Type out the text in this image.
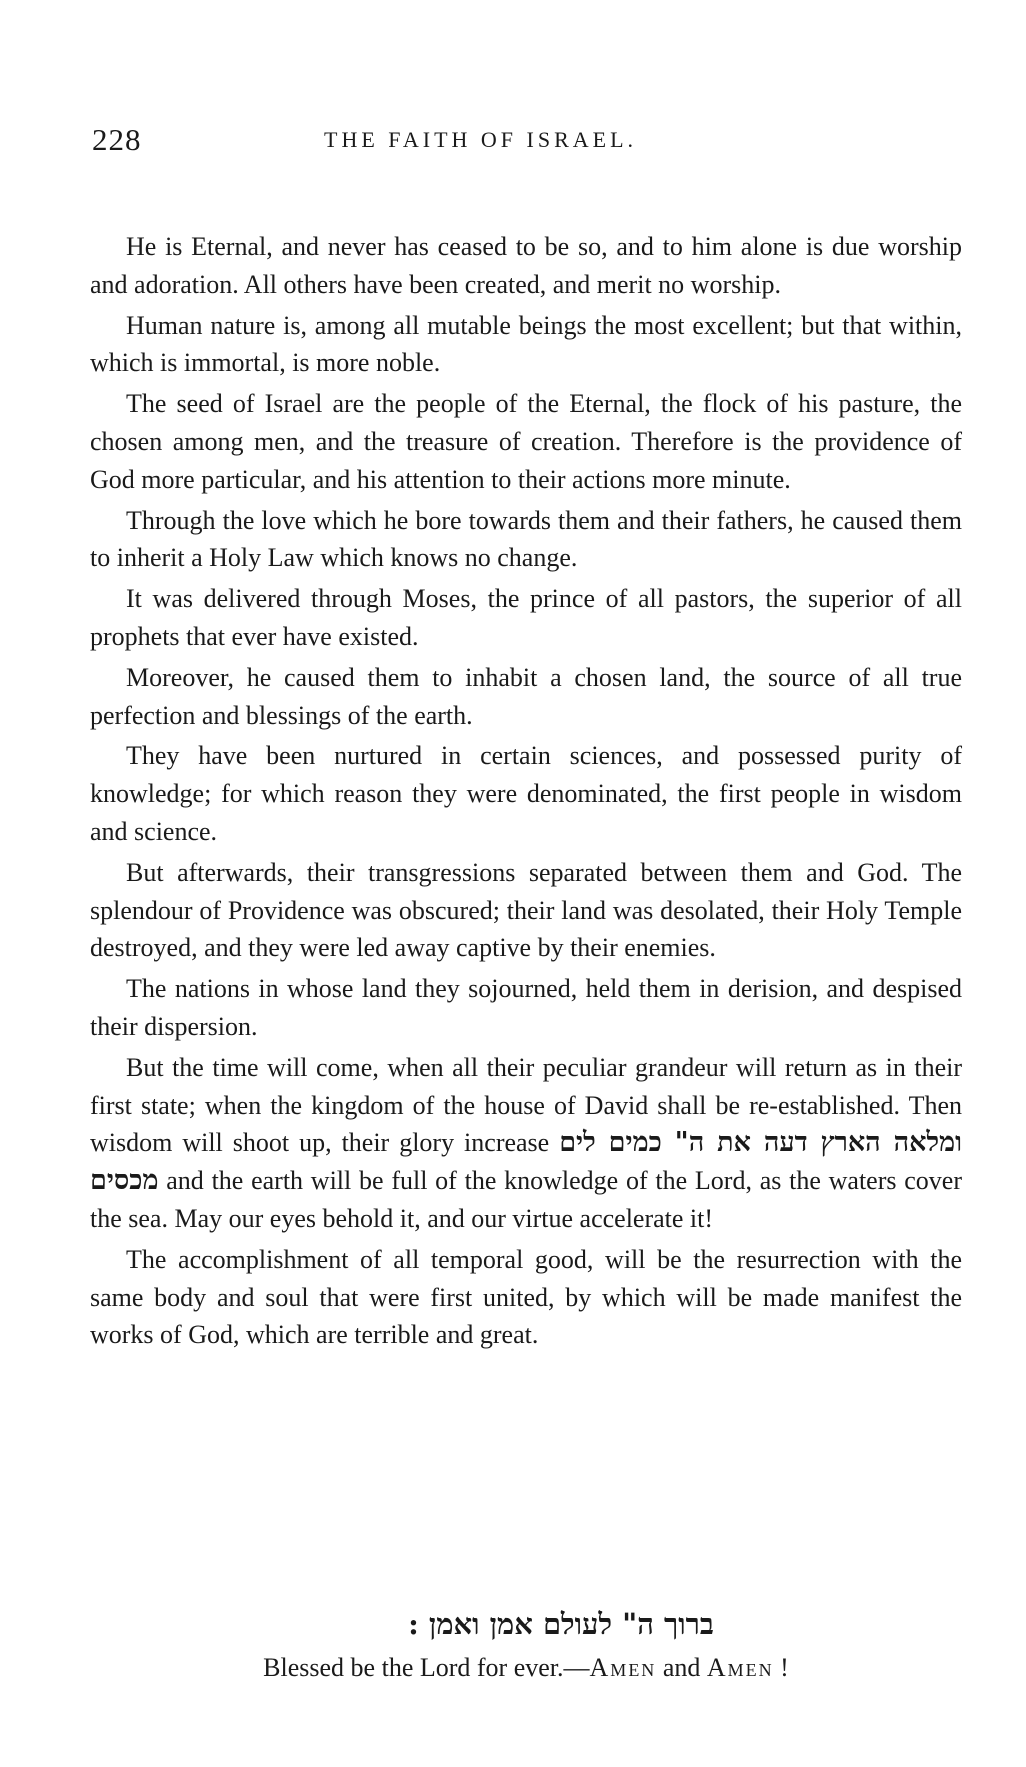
228	THE FAITH OF ISRAEL.

He is Eternal, and never has ceased to be so, and to him alone is due worship and adoration. All others have been created, and merit no worship.

Human nature is, among all mutable beings the most excellent; but that within, which is immortal, is more noble.

The seed of Israel are the people of the Eternal, the flock of his pasture, the chosen among men, and the treasure of creation. Therefore is the providence of God more particular, and his attention to their actions more minute.

Through the love which he bore towards them and their fathers, he caused them to inherit a Holy Law which knows no change.

It was delivered through Moses, the prince of all pastors, the superior of all prophets that ever have existed.

Moreover, he caused them to inhabit a chosen land, the source of all true perfection and blessings of the earth.

They have been nurtured in certain sciences, and possessed purity of knowledge; for which reason they were denominated, the first people in wisdom and science.

But afterwards, their transgressions separated between them and God. The splendour of Providence was obscured; their land was desolated, their Holy Temple destroyed, and they were led away captive by their enemies.

The nations in whose land they sojourned, held them in derision, and despised their dispersion.

But the time will come, when all their peculiar grandeur will return as in their first state; when the kingdom of the house of David shall be re-established. Then wisdom will shoot up, their glory increase ומלאה הארץ דעה את ה" כמים לים מכסים and the earth will be full of the knowledge of the Lord, as the waters cover the sea. May our eyes behold it, and our virtue accelerate it!

The accomplishment of all temporal good, will be the resurrection with the same body and soul that were first united, by which will be made manifest the works of God, which are terrible and great.

ברוך ה" לעולם אמן ואמן :
Blessed be the Lord for ever.—Amen and Amen !
